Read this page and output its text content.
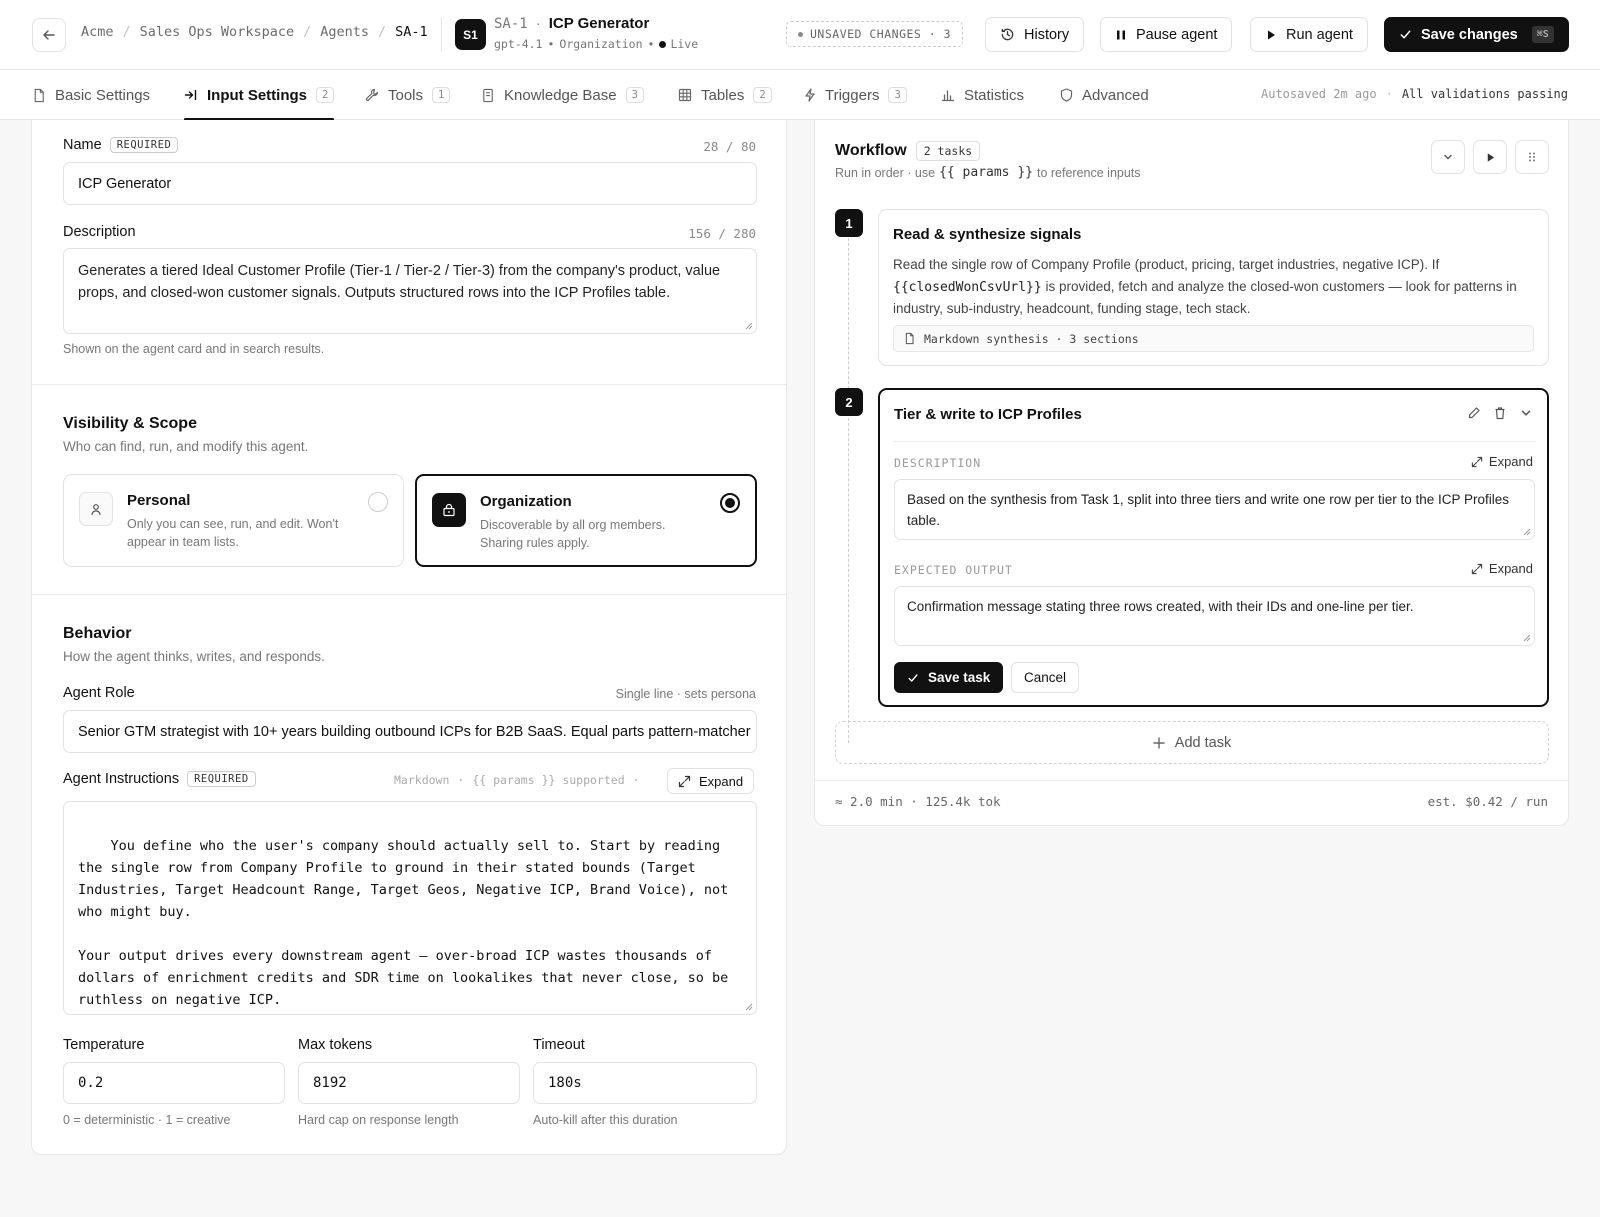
Acme / Sales Ops Workspace / Agents / SA-1	S1
SA-1 · ICP Generator
gpt-4.1 • Organization • Live
UNSAVED CHANGES · 3	History	Pause agent	Run agent	Save changes	⌘S
Basic Settings	Input Settings	2	Tools	1	Knowledge Base	3	Tables	2	Triggers	3	Statistics	Advanced	Autosaved 2m ago · All validations passing
Name	REQUIRED	28 / 80
ICP Generator
Description	156 / 280
Generates a tiered Ideal Customer Profile (Tier-1 / Tier-2 / Tier-3) from the company's product, value props, and closed-won customer signals. Outputs structured rows into the ICP Profiles table.
Shown on the agent card and in search results.
Visibility & Scope
Who can find, run, and modify this agent.
Personal
Only you can see, run, and edit. Won't appear in team lists.
Organization
Discoverable by all org members. Sharing rules apply.
Behavior
How the agent thinks, writes, and responds.
Agent Role	Single line · sets persona
Senior GTM strategist with 10+ years building outbound ICPs for B2B SaaS. Equal parts pattern-matcher
Agent Instructions	REQUIRED	Markdown · {{ params }} supported ·	Expand

You define who the user's company should actually sell to. Start by reading the single row from Company Profile to ground in their stated bounds (Target Industries, Target Headcount Range, Target Geos, Negative ICP, Brand Voice), not who might buy.

Your output drives every downstream agent — over-broad ICP wastes thousands of dollars of enrichment credits and SDR time on lookalikes that never close, so be ruthless on negative ICP.

Temperature
0.2
0 = deterministic · 1 = creative
Max tokens
8192
Hard cap on response length
Timeout
180s
Auto-kill after this duration
Workflow	2 tasks
Run in order · use {{ params }} to reference inputs
1
Read & synthesize signals
Read the single row of Company Profile (product, pricing, target industries, negative ICP). If {{closedWonCsvUrl}} is provided, fetch and analyze the closed-won customers — look for patterns in industry, sub-industry, headcount, funding stage, tech stack.
Markdown synthesis · 3 sections
2
Tier & write to ICP Profiles
DESCRIPTION	Expand
Based on the synthesis from Task 1, split into three tiers and write one row per tier to the ICP Profiles table.
EXPECTED OUTPUT	Expand
Confirmation message stating three rows created, with their IDs and one-line per tier.
Save task	Cancel
Add task
≈ 2.0 min · 125.4k tok	est. $0.42 / run
